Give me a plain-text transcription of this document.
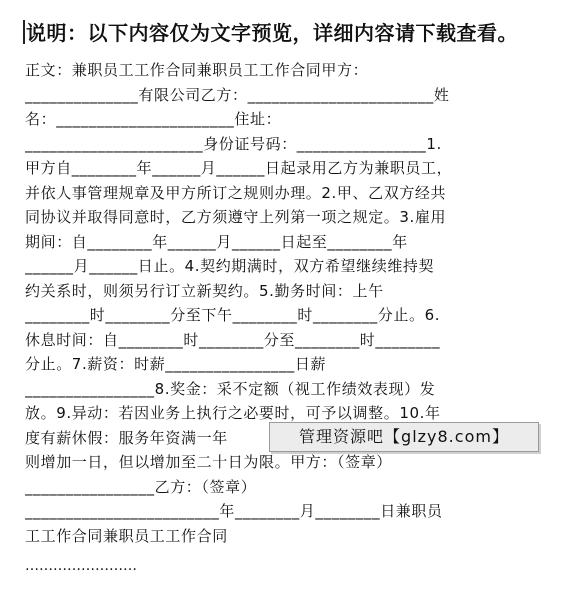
说明：以下内容仅为文字预览，详细内容请下载查看。
正文：兼职员工工作合同兼职员工工作合同甲方：
______________有限公司乙方：_______________________姓
名：______________________住址：
______________________身份证号码：________________1.
甲方自________年______月______日起录用乙方为兼职员工，
并依人事管理规章及甲方所订之规则办理。2.甲、乙双方经共
同协议并取得同意时，乙方须遵守上列第一项之规定。3.雇用
期间：自________年______月______日起至________年
______月______日止。4.契约期满时，双方希望继续维持契
约关系时，则须另行订立新契约。5.勤务时间：上午
________时________分至下午________时________分止。6.
休息时间：自________时________分至________时________
分止。7.薪资：时薪________________日薪
________________8.奖金：采不定额（视工作绩效表现）发
放。9.异动：若因业务上执行之必要时，可予以调整。10.年
度有薪休假：服务年资满一年
则增加一日，但以增加至二十日为限。甲方：（签章）
________________乙方：（签章）
________________________年________月________日兼职员
工工作合同兼职员工工作合同
……………………
管理资源吧【glzy8.com】
